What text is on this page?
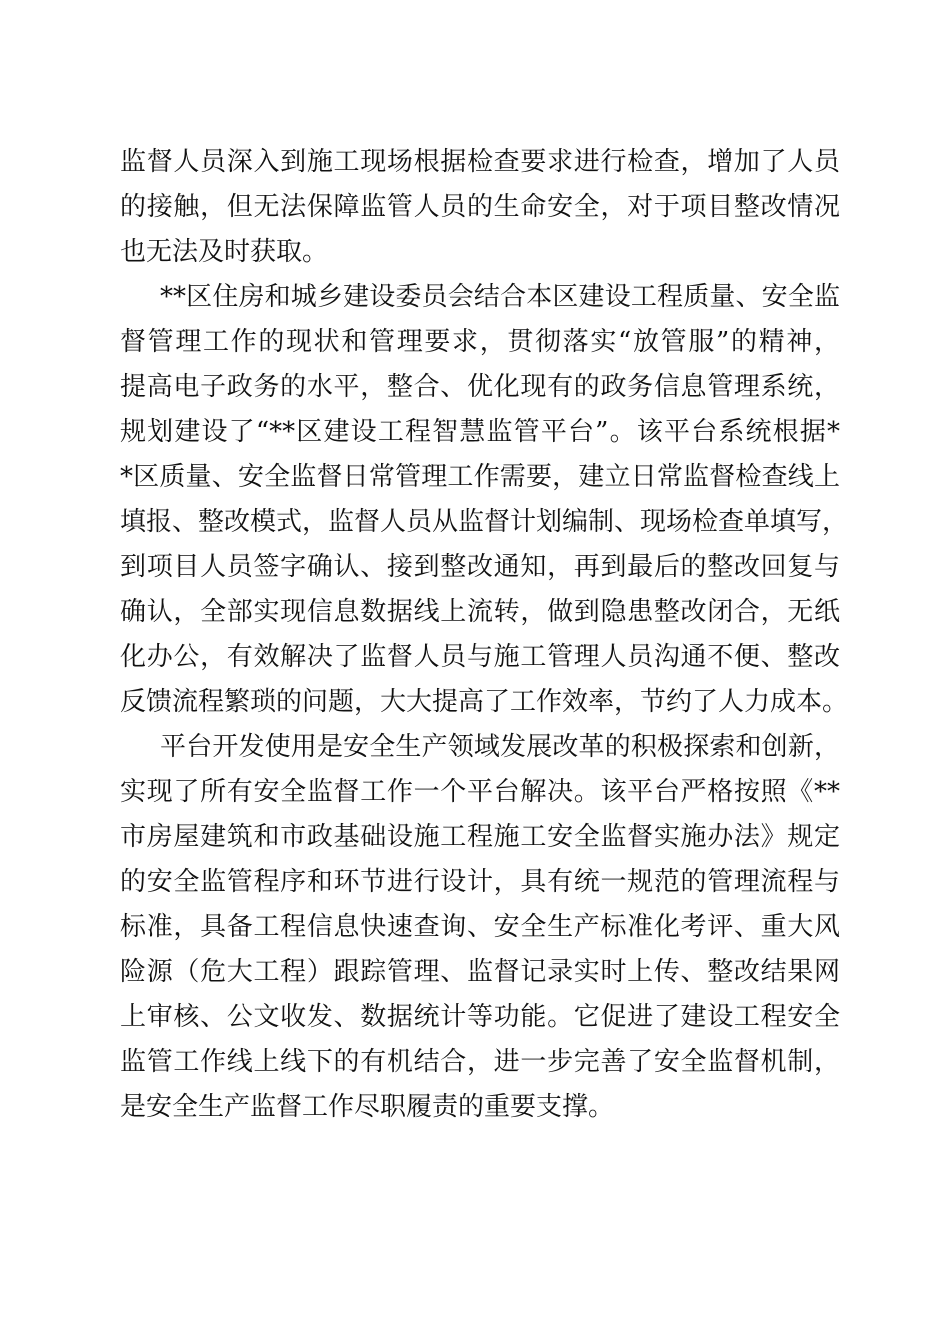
监督人员深入到施工现场根据检查要求进行检查，增加了人员
的接触，但无法保障监管人员的生命安全，对于项目整改情况
也无法及时获取。
**区住房和城乡建设委员会结合本区建设工程质量、安全监
督管理工作的现状和管理要求，贯彻落实“放管服”的精神，
提高电子政务的水平，整合、优化现有的政务信息管理系统，
规划建设了“**区建设工程智慧监管平台”。该平台系统根据*
*区质量、安全监督日常管理工作需要，建立日常监督检查线上
填报、整改模式，监督人员从监督计划编制、现场检查单填写，
到项目人员签字确认、接到整改通知，再到最后的整改回复与
确认，全部实现信息数据线上流转，做到隐患整改闭合，无纸
化办公，有效解决了监督人员与施工管理人员沟通不便、整改
反馈流程繁琐的问题，大大提高了工作效率，节约了人力成本。
平台开发使用是安全生产领域发展改革的积极探索和创新，
实现了所有安全监督工作一个平台解决。该平台严格按照《**
市房屋建筑和市政基础设施工程施工安全监督实施办法》规定
的安全监管程序和环节进行设计，具有统一规范的管理流程与
标准，具备工程信息快速查询、安全生产标准化考评、重大风
险源（危大工程）跟踪管理、监督记录实时上传、整改结果网
上审核、公文收发、数据统计等功能。它促进了建设工程安全
监管工作线上线下的有机结合，进一步完善了安全监督机制，
是安全生产监督工作尽职履责的重要支撑。
